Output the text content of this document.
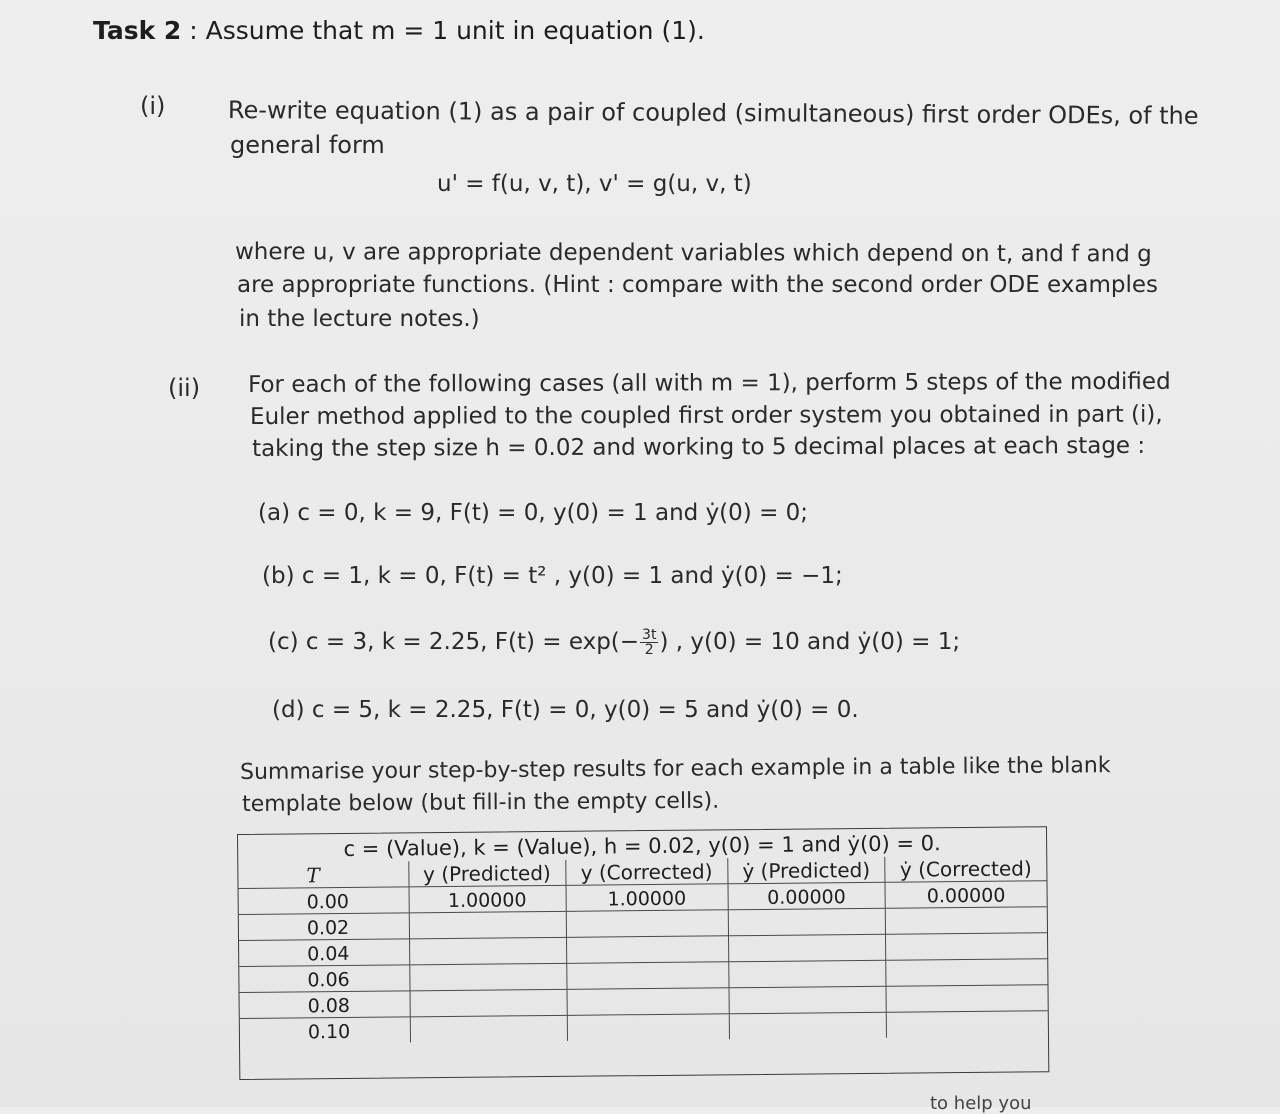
Task 2 : Assume that m = 1 unit in equation (1).
(i)	Re-write equation (1) as a pair of coupled (simultaneous) first order ODEs, of the
general form
u' = f(u, v, t), v' = g(u, v, t)
where u, v are appropriate dependent variables which depend on t, and f and g
are appropriate functions. (Hint : compare with the second order ODE examples
in the lecture notes.)
(ii) For each of the following cases (all with m = 1), perform 5 steps of the modified
Euler method applied to the coupled first order system you obtained in part (i),
taking the step size h = 0.02 and working to 5 decimal places at each stage :
(a) c = 0, k = 9, F(t) = 0, y(0) = 1 and ẏ(0) = 0;
(b) c = 1, k = 0, F(t) = t² , y(0) = 1 and ẏ(0) = −1;
(c) c = 3, k = 2.25, $F(t) = \exp(- \frac{3t}{2}$ ) , y(0) = 10 and ẏ(0) = 1;
(d) c = 5, k = 2.25, F(t) = 0, y(0) = 5 and ẏ(0) = 0.
Summarise your step-by-step results for each example in a table like the blank
template below (but fill-in the empty cells).
c = (Value), k = (Value), h = 0.02, y(0) = 1 and ẏ(0) = 0.
T	y (Predicted)	y (Corrected)	ẏ (Predicted)	ẏ (Corrected)
0.00	1.00000	1.00000	0.00000	0.00000
0.02				
0.04				
0.06				
0.08				
0.10				
to help you
